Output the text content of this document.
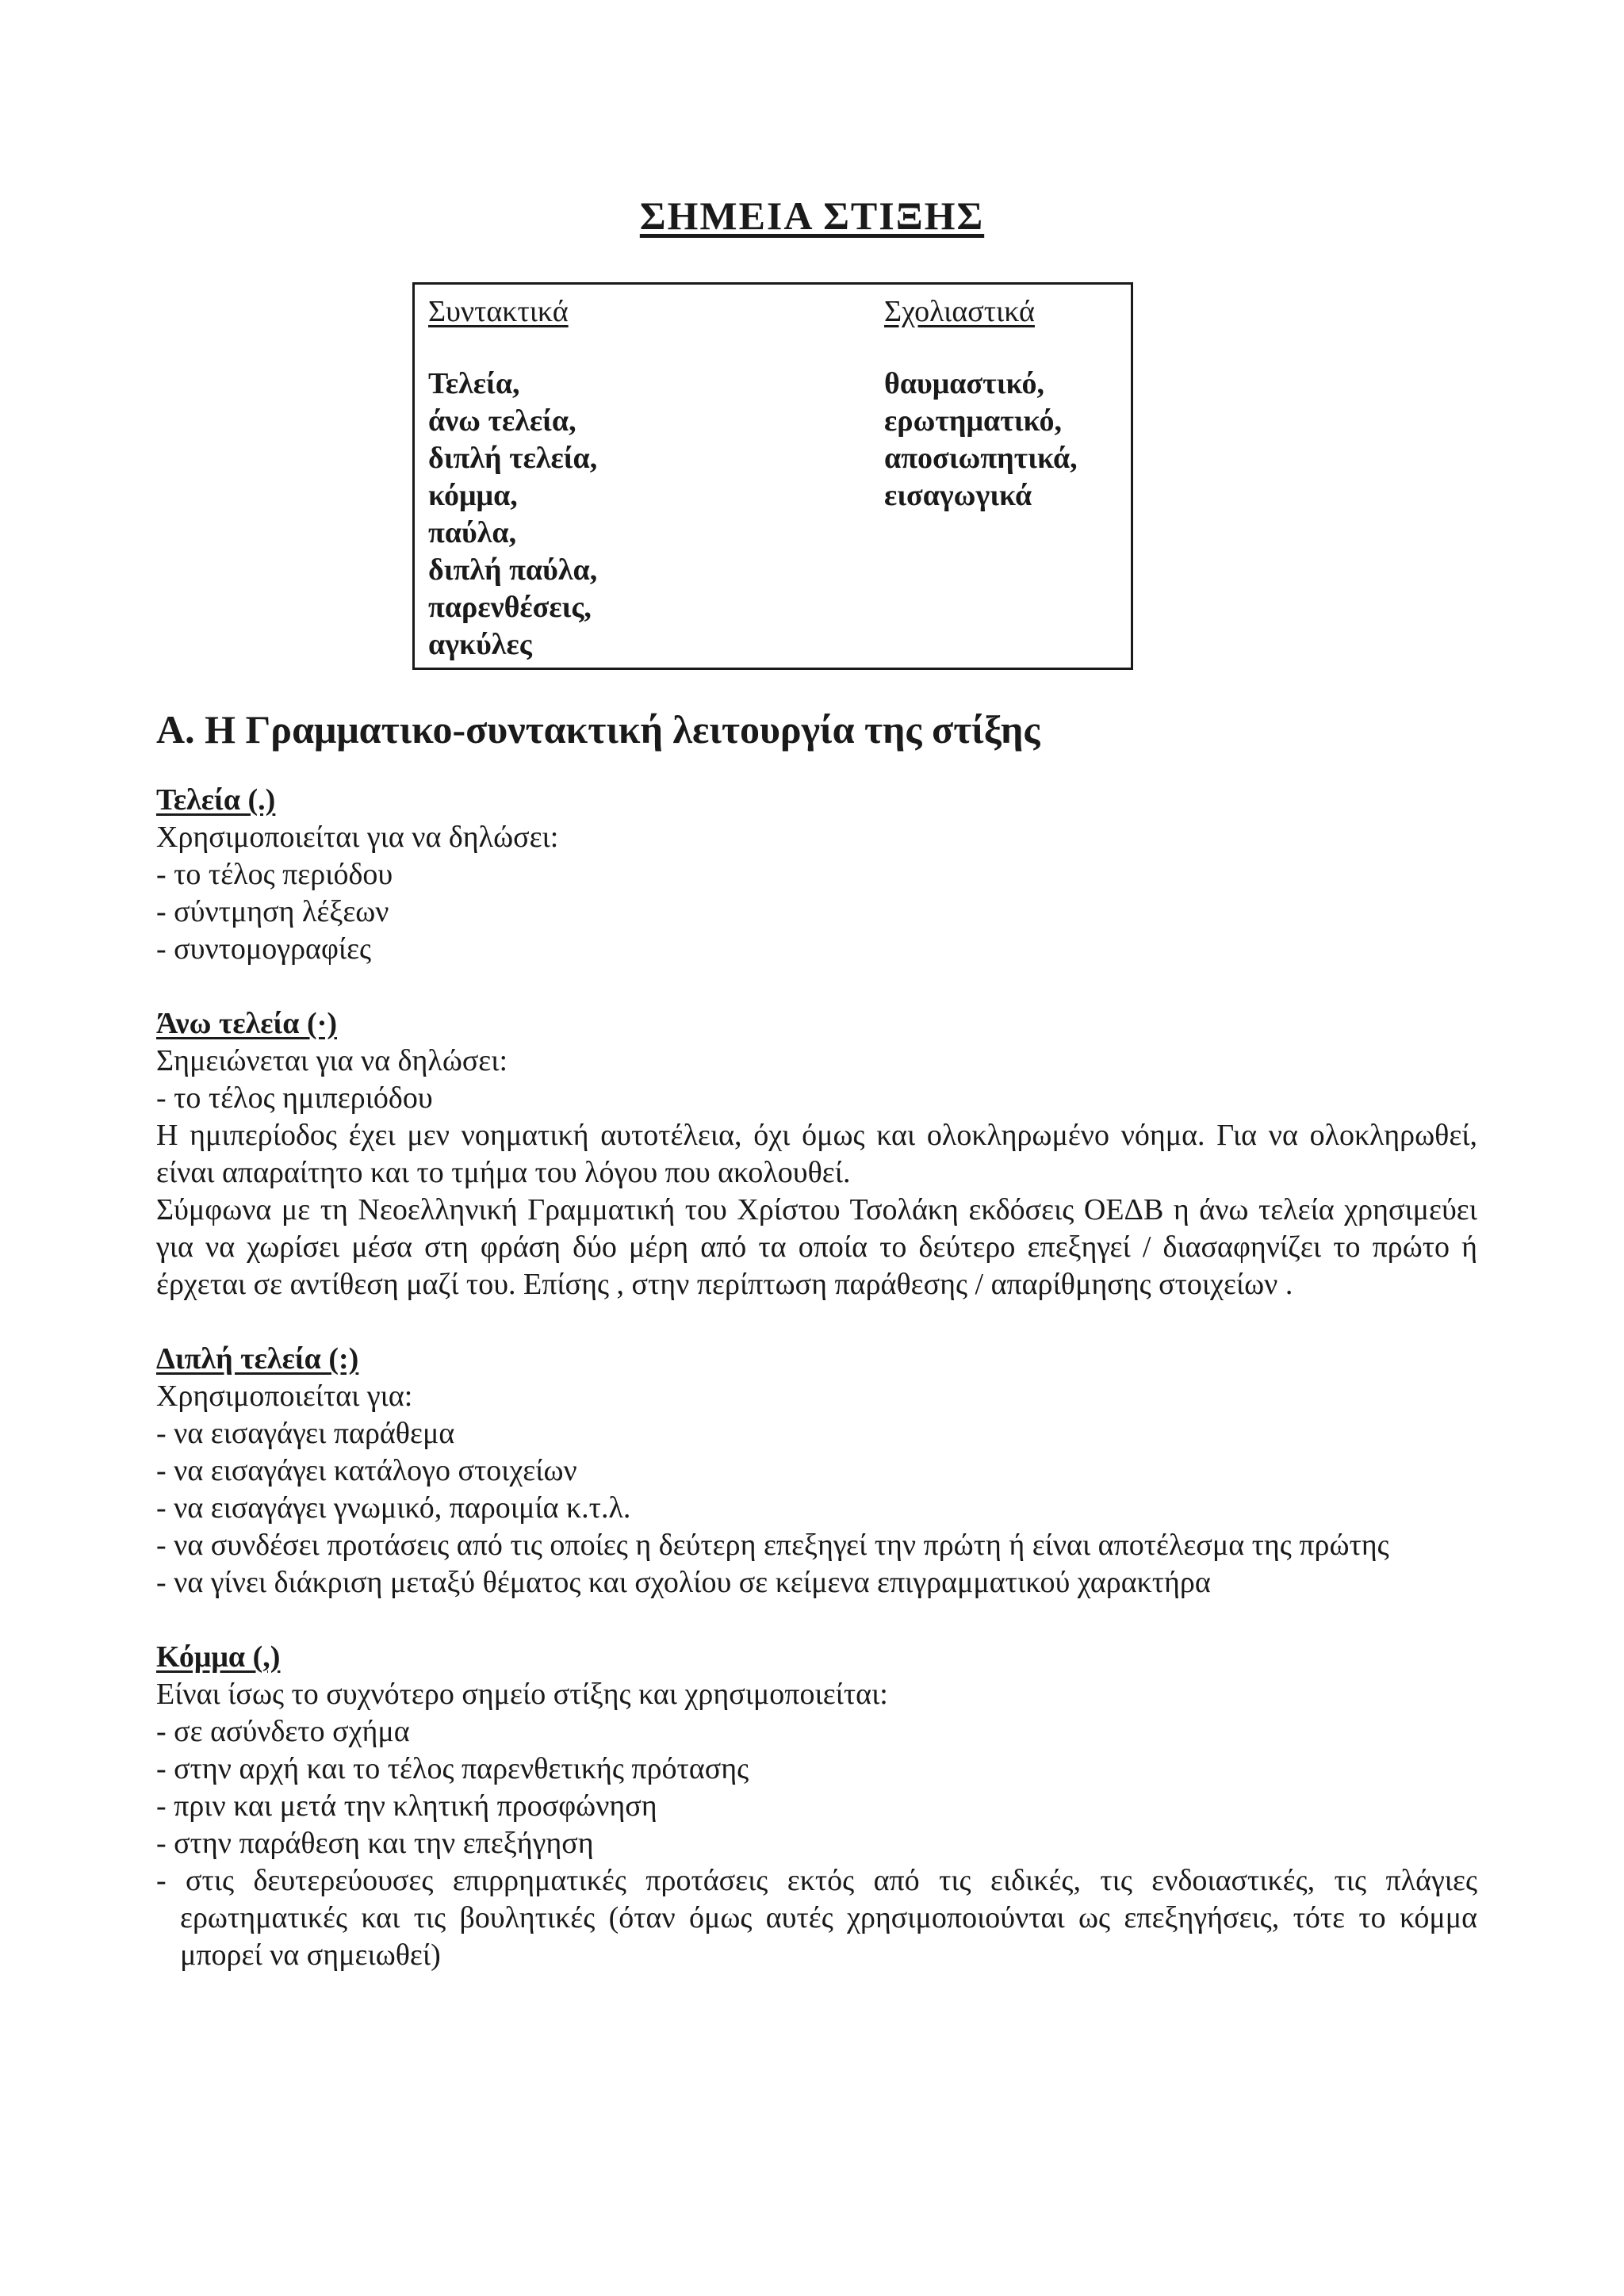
ΣΗΜΕΙΑ ΣΤΙΞΗΣ
Συντακτικά
Τελεία,
άνω τελεία,
διπλή τελεία,
κόμμα,
παύλα,
διπλή παύλα,
παρενθέσεις,
αγκύλες
Σχολιαστικά
θαυμαστικό,
ερωτηματικό,
αποσιωπητικά,
εισαγωγικά
Α. Η Γραμματικο-συντακτική λειτουργία της στίξης
Τελεία (.)
Χρησιμοποιείται για να δηλώσει:
- το τέλος περιόδου
- σύντμηση λέξεων
- συντομογραφίες
Άνω τελεία (·)
Σημειώνεται για να δηλώσει:
- το τέλος ημιπεριόδου
Η ημιπερίοδος έχει μεν νοηματική αυτοτέλεια, όχι όμως και ολοκληρωμένο νόημα. Για να ολοκληρωθεί, είναι απαραίτητο και το τμήμα του λόγου που ακολουθεί.
Σύμφωνα με τη Νεοελληνική Γραμματική του Χρίστου Τσολάκη εκδόσεις ΟΕΔΒ η άνω τελεία χρησιμεύει για να χωρίσει μέσα στη φράση δύο μέρη από τα οποία το δεύτερο επεξηγεί / διασαφηνίζει το πρώτο ή έρχεται σε αντίθεση μαζί του. Επίσης , στην περίπτωση παράθεσης / απαρίθμησης στοιχείων .
Διπλή τελεία (:)
Χρησιμοποιείται για:
- να εισαγάγει παράθεμα
- να εισαγάγει κατάλογο στοιχείων
- να εισαγάγει γνωμικό, παροιμία κ.τ.λ.
- να συνδέσει προτάσεις από τις οποίες η δεύτερη επεξηγεί την πρώτη ή είναι αποτέλεσμα της πρώτης
- να γίνει διάκριση μεταξύ θέματος και σχολίου σε κείμενα επιγραμματικού χαρακτήρα
Κόμμα (,)
Είναι ίσως το συχνότερο σημείο στίξης και χρησιμοποιείται:
- σε ασύνδετο σχήμα
- στην αρχή και το τέλος παρενθετικής πρότασης
- πριν και μετά την κλητική προσφώνηση
- στην παράθεση και την επεξήγηση
- στις δευτερεύουσες επιρρηματικές προτάσεις εκτός από τις ειδικές, τις ενδοιαστικές, τις πλάγιες ερωτηματικές και τις βουλητικές (όταν όμως αυτές χρησιμοποιούνται ως επεξηγήσεις, τότε το κόμμα μπορεί να σημειωθεί)
